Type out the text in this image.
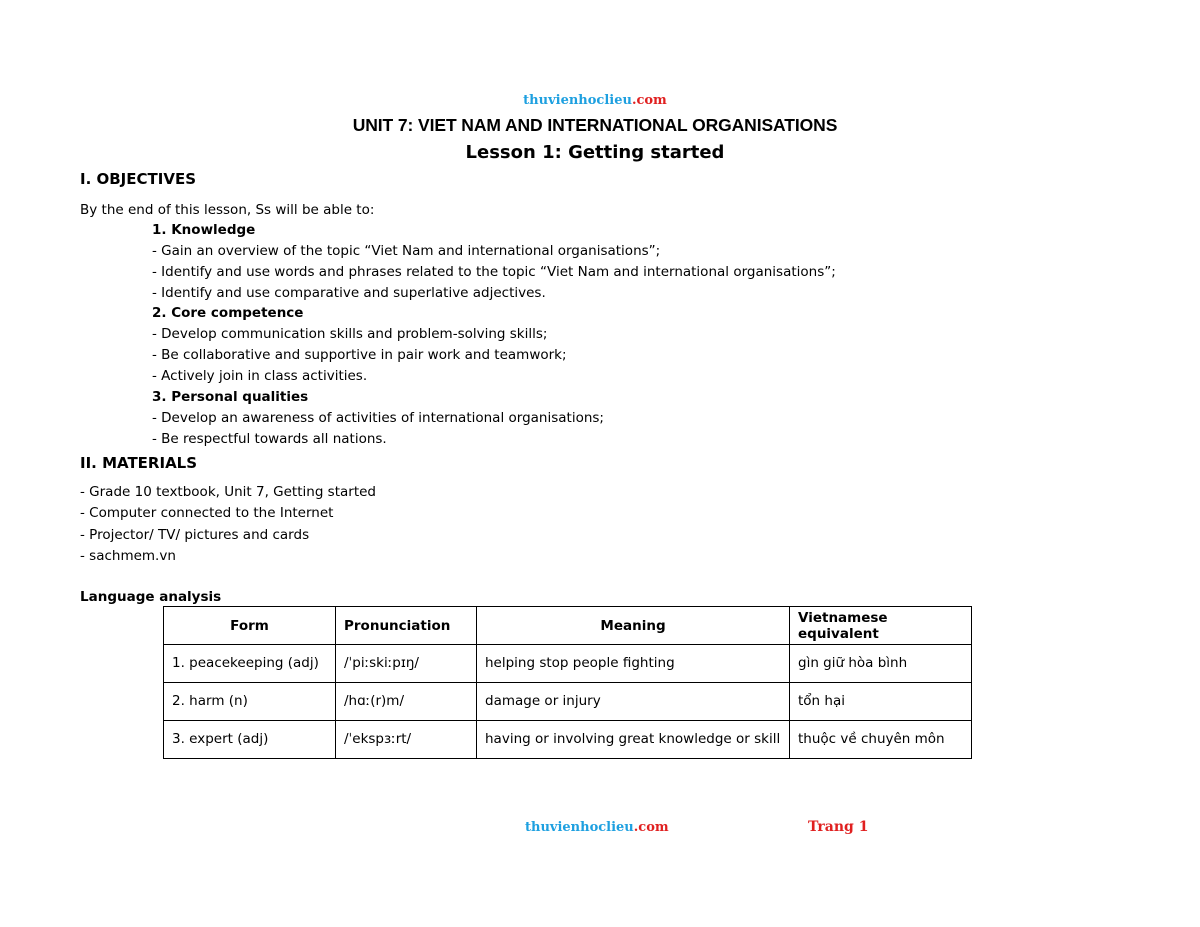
thuvienhoclieu.com
UNIT 7: VIET NAM AND INTERNATIONAL ORGANISATIONS
Lesson 1: Getting started
I. OBJECTIVES
By the end of this lesson, Ss will be able to:
1. Knowledge
- Gain an overview of the topic “Viet Nam and international organisations”;
- Identify and use words and phrases related to the topic “Viet Nam and international organisations”;
- Identify and use comparative and superlative adjectives.
2. Core competence
- Develop communication skills and problem-solving skills;
- Be collaborative and supportive in pair work and teamwork;
- Actively join in class activities.
3. Personal qualities
- Develop an awareness of activities of international organisations;
- Be respectful towards all nations.
II. MATERIALS
- Grade 10 textbook, Unit 7, Getting started
- Computer connected to the Internet
- Projector/ TV/ pictures and cards
- sachmem.vn
Language analysis
Form	Pronunciation	Meaning	Vietnamese equivalent
1. peacekeeping (adj)	/ˈpiːskiːpɪŋ/	helping stop people fighting	gìn giữ hòa bình
2. harm (n)	/hɑː(r)m/	damage or injury	tổn hại
3. expert (adj)	/ˈekspɜːrt/	having or involving great knowledge or skill	thuộc về chuyên môn
thuvienhoclieu.com	Trang 1
